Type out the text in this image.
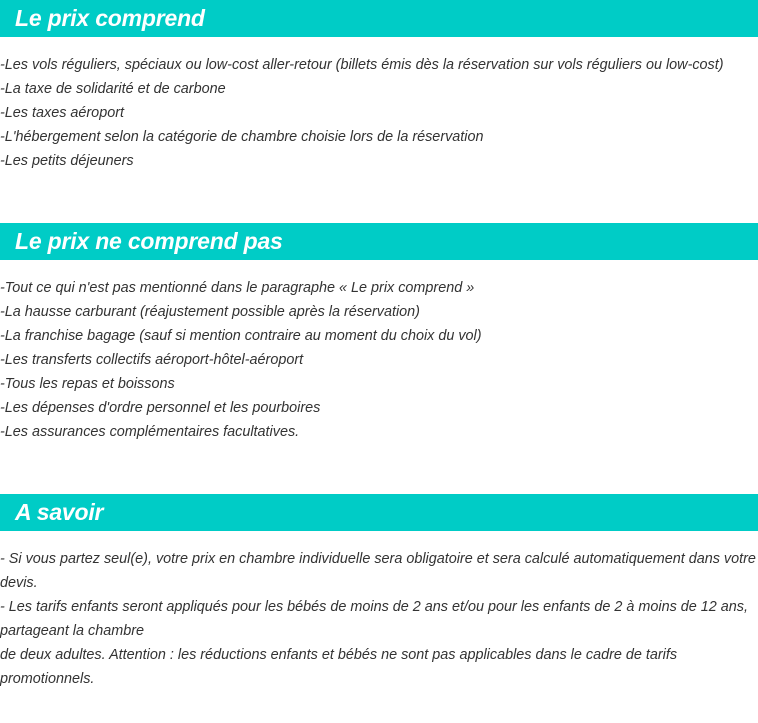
Le prix comprend
-Les vols réguliers, spéciaux ou low-cost aller-retour (billets émis dès la réservation sur vols réguliers ou low-cost)
-La taxe de solidarité et de carbone
-Les taxes aéroport
-L'hébergement selon la catégorie de chambre choisie lors de la réservation
-Les petits déjeuners
Le prix ne comprend pas
-Tout ce qui n'est pas mentionné dans le paragraphe « Le prix comprend »
-La hausse carburant (réajustement possible après la réservation)
-La franchise bagage (sauf si mention contraire au moment du choix du vol)
-Les transferts collectifs aéroport-hôtel-aéroport
-Tous les repas et boissons
-Les dépenses d'ordre personnel et les pourboires
-Les assurances complémentaires facultatives.
A savoir
- Si vous partez seul(e), votre prix en chambre individuelle sera obligatoire et sera calculé automatiquement dans votre devis.
- Les tarifs enfants seront appliqués pour les bébés de moins de 2 ans et/ou pour les enfants de 2 à moins de 12 ans, partageant la chambre
de deux adultes. Attention : les réductions enfants et bébés ne sont pas applicables dans le cadre de tarifs promotionnels.
